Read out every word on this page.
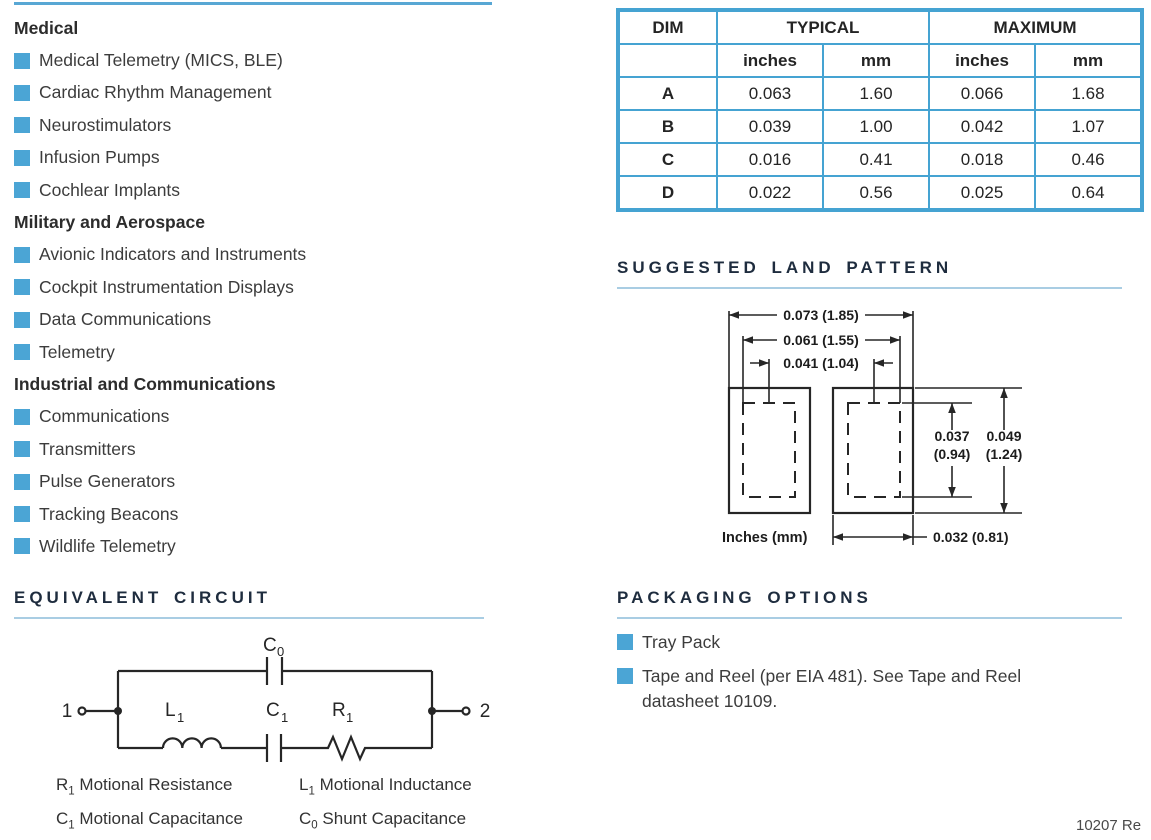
Medical
Medical Telemetry (MICS, BLE)
Cardiac Rhythm Management
Neurostimulators
Infusion Pumps
Cochlear Implants
Military and Aerospace
Avionic Indicators and Instruments
Cockpit Instrumentation Displays
Data Communications
Telemetry
Industrial and Communications
Communications
Transmitters
Pulse Generators
Tracking Beacons
Wildlife Telemetry
EQUIVALENT CIRCUIT
1	2
C 0
L 1	C 1 R 1
$R_1$ Motional Resistance	$L_1$ Motional Inductance
$C_1$ Motional Capacitance	$C_0$ Shunt Capacitance
DIM	TYPICAL		MAXIMUM	
	inches	mm	inches	mm
A	0.063	1.60	0.066	1.68
B	0.039	1.00	0.042	1.07
C	0.016	0.41	0.018	0.46
D	0.022	0.56	0.025	0.64
SUGGESTED LAND PATTERN
0.073 (1.85)
0.061 (1.55)
0.041 (1.04)
0.037
(0.94)
0.049
(1.24)
0.032 (0.81)
Inches (mm)
PACKAGING OPTIONS
Tray Pack
Tape and Reel (per EIA 481). See Tape and Reel datasheet 10109.
10207 Re
